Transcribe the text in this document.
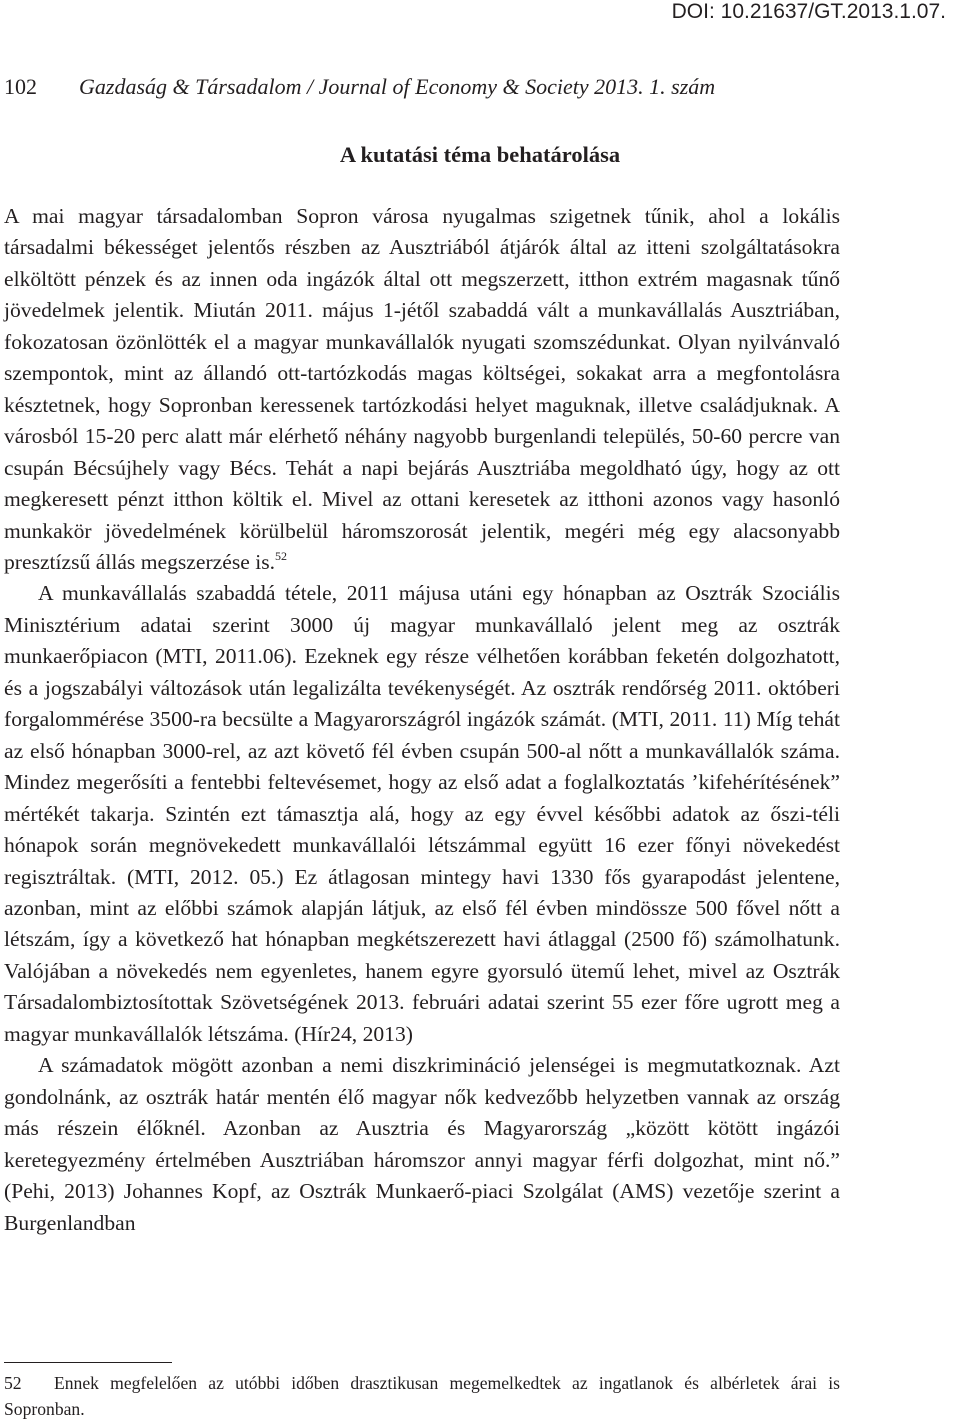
DOI: 10.21637/GT.2013.1.07.
102 Gazdaság & Társadalom / Journal of Economy & Society 2013. 1. szám
A kutatási téma behatárolása

A mai magyar társadalomban Sopron városa nyugalmas szigetnek tűnik, ahol a lokális társadalmi békességet jelentős részben az Ausztriából átjárók által az itteni szolgáltatásokra elköltött pénzek és az innen oda ingázók által ott megszerzett, itthon extrém magasnak tűnő jövedelmek jelentik. Miután 2011. május 1-jétől szabaddá vált a munkavállalás Ausztriában, fokozatosan özönlötték el a magyar munkavállalók nyugati szomszédunkat. Olyan nyilvánvaló szempontok, mint az állandó ott-tartózkodás magas költségei, sokakat arra a megfontolásra késztetnek, hogy Sopronban keressenek tartózkodási helyet maguknak, illetve családjuknak. A városból 15-20 perc alatt már elérhető néhány nagyobb burgenlandi település, 50-60 percre van csupán Bécsújhely vagy Bécs. Tehát a napi bejárás Ausztriába megoldható úgy, hogy az ott megkeresett pénzt itthon költik el. Mivel az ottani keresetek az itthoni azonos vagy hasonló munkakör jövedelmének körülbelül háromszorosát jelentik, megéri még egy alacsonyabb presztízsű állás megszerzése is.$^{52}$

A munkavállalás szabaddá tétele, 2011 májusa utáni egy hónapban az Osztrák Szociális Minisztérium adatai szerint 3000 új magyar munkavállaló jelent meg az osztrák munkaerőpiacon (MTI, 2011.06). Ezeknek egy része vélhetően korábban feketén dolgozhatott, és a jogszabályi változások után legalizálta tevékenységét. Az osztrák rendőrség 2011. októberi forgalommérése 3500-ra becsülte a Magyarországról ingázók számát. (MTI, 2011. 11) Míg tehát az első hónapban 3000-rel, az azt követő fél évben csupán 500-al nőtt a munkavállalók száma. Mindez megerősíti a fentebbi feltevésemet, hogy az első adat a foglalkoztatás ’kifehérítésének” mértékét takarja. Szintén ezt támasztja alá, hogy az egy évvel későbbi adatok az őszi-téli hónapok során megnövekedett munkavállalói létszámmal együtt 16 ezer főnyi növekedést regisztráltak. (MTI, 2012. 05.) Ez átlagosan mintegy havi 1330 fős gyarapodást jelentene, azonban, mint az előbbi számok alapján látjuk, az első fél évben mindössze 500 fővel nőtt a létszám, így a következő hat hónapban megkétszerezett havi átlaggal (2500 fő) számolhatunk. Valójában a növekedés nem egyenletes, hanem egyre gyorsuló ütemű lehet, mivel az Osztrák Társadalombiztosítottak Szövetségének 2013. februári adatai szerint 55 ezer főre ugrott meg a magyar munkavállalók létszáma. (Hír24, 2013)

A számadatok mögött azonban a nemi diszkrimináció jelenségei is megmutatkoznak. Azt gondolnánk, az osztrák határ mentén élő magyar nők kedvezőbb helyzetben vannak az ország más részein élőknél. Azonban az Ausztria és Magyarország „között kötött ingázói keretegyezmény értelmében Ausztriában háromszor annyi magyar férfi dolgozhat, mint nő.” (Pehi, 2013) Johannes Kopf, az Osztrák Munkaerő-piaci Szolgálat (AMS) vezetője szerint a Burgenlandban

52 Ennek megfelelően az utóbbi időben drasztikusan megemelkedtek az ingatlanok és albérletek árai is Sopronban.
